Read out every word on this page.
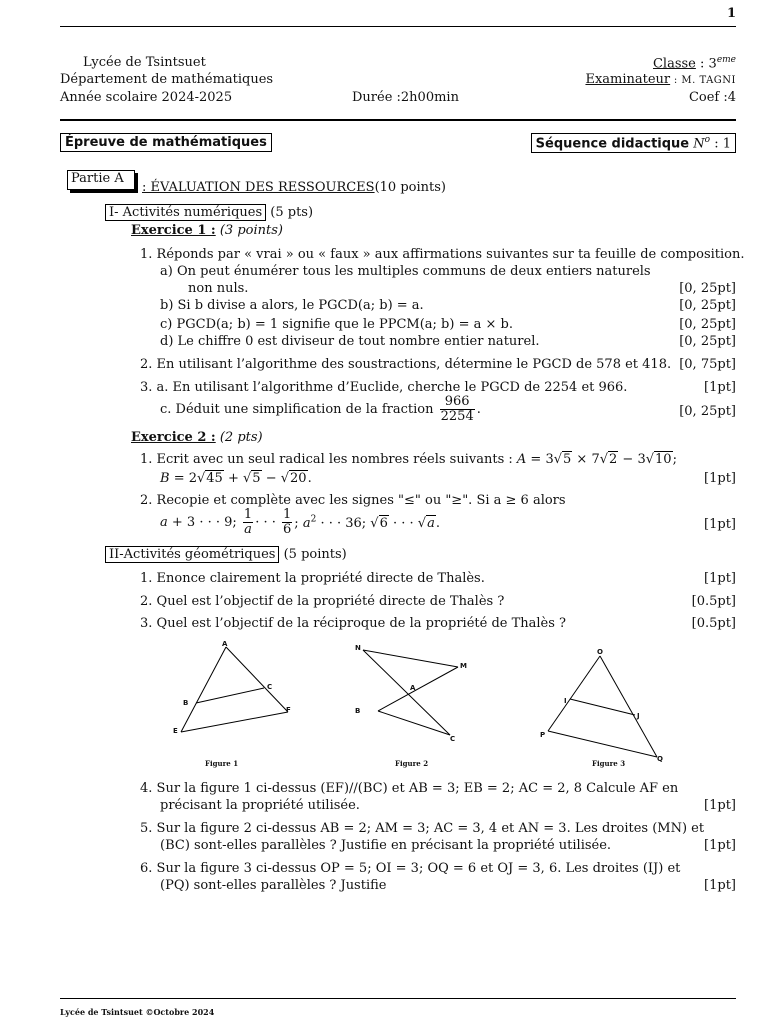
1
Lycée de Tsintsuet
Département de mathématiques
Année scolaire 2024-2025	Durée :2h00min
Classe : 3eme
Examinateur : M. TAGNI
Coef :4
Épreuve de mathématiques	Séquence didactique $N^o$ : 1
Partie A
: ÉVALUATION DES RESSOURCES(10 points)
I- Activités numériques (5 pts)
Exercice 1 : (3 points)
1. Réponds par « vrai » ou « faux » aux affirmations suivantes sur ta feuille de composition.
a) On peut énumérer tous les multiples communs de deux entiers naturels
non nuls.	[0, 25pt]
b) Si b divise a alors, le PGCD(a; b) = a.	[0, 25pt]
c) PGCD(a; b) = 1 signifie que le PPCM(a; b) = a × b.	[0, 25pt]
d) Le chiffre 0 est diviseur de tout nombre entier naturel.	[0, 25pt]
2. En utilisant l’algorithme des soustractions, détermine le PGCD de 578 et 418. [0, 75pt]
3. a. En utilisant l’algorithme d’Euclide, cherche le PGCD de 2254 et 966.	[1pt]
c. Déduit une simplification de la fraction $\frac{966}{2254}$ .	[0, 25pt]
Exercice 2 : (2 pts)
1. Ecrit avec un seul radical les nombres réels suivants : A = 3√5 × 7√2 − 3√10;
B = 2√45 + √5 − √20.	[1pt]
2. Recopie et complète avec les signes "≤" ou "≥". Si a ≥ 6 alors
a + 3 · · · 9; $\frac{1}{a}$ · · · $\frac{1}{6}$ ; $a^2$ · · · 36; √6 · · · √a.	[1pt]
II-Activités géométriques (5 points)
1. Enonce clairement la propriété directe de Thalès.	[1pt]
2. Quel est l’objectif de la propriété directe de Thalès ?	[0.5pt]
3. Quel est l’objectif de la réciproque de la propriété de Thalès ?	[0.5pt]
A
B
C
E
F
N
M
A
B
C
O
I
J
P
Q
Figure 1	Figure 2	Figure 3
4. Sur la figure 1 ci-dessus (EF)//(BC) et AB = 3; EB = 2; AC = 2, 8 Calcule AF en
précisant la propriété utilisée.	[1pt]
5. Sur la figure 2 ci-dessus AB = 2; AM = 3; AC = 3, 4 et AN = 3. Les droites (MN) et
(BC) sont-elles parallèles ? Justifie en précisant la propriété utilisée.	[1pt]
6. Sur la figure 3 ci-dessus OP = 5; OI = 3; OQ = 6 et OJ = 3, 6. Les droites (IJ) et
(PQ) sont-elles parallèles ? Justifie	[1pt]
Lycée de Tsintsuet ©Octobre 2024
